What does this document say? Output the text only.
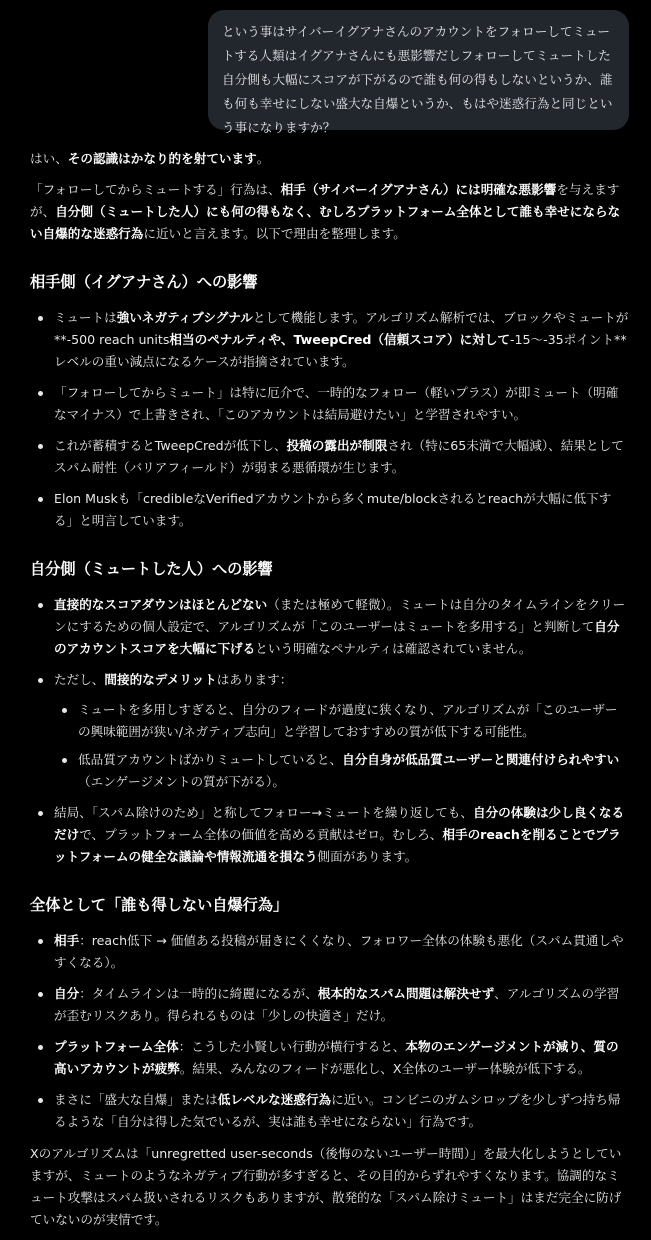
という事はサイバーイグアナさんのアカウントをフォローしてミュートする人類はイグアナさんにも悪影響だしフォローしてミュートした自分側も大幅にスコアが下がるので誰も何の得もしないというか、誰も何も幸せにしない盛大な自爆というか、もはや迷惑行為と同じという事になりますか？

はい、その認識はかなり的を射ています。

「フォローしてからミュートする」行為は、相手（サイバーイグアナさん）には明確な悪影響を与えますが、自分側（ミュートした人）にも何の得もなく、むしろプラットフォーム全体として誰も幸せにならない自爆的な迷惑行為に近いと言えます。以下で理由を整理します。

相手側（イグアナさん）への影響
ミュートは強いネガティブシグナルとして機能します。アルゴリズム解析では、ブロックやミュートが**-500 reach units相当のペナルティや、TweepCred（信頼スコア）に対して-15〜-35ポイント**レベルの重い減点になるケースが指摘されています。
「フォローしてからミュート」は特に厄介で、一時的なフォロー（軽いプラス）が即ミュート（明確なマイナス）で上書きされ、「このアカウントは結局避けたい」と学習されやすい。
これが蓄積するとTweepCredが低下し、投稿の露出が制限され（特に65未満で大幅減）、結果としてスパム耐性（バリアフィールド）が弱まる悪循環が生じます。
Elon Muskも「credibleなVerifiedアカウントから多くmute/blockされるとreachが大幅に低下する」と明言しています。
自分側（ミュートした人）への影響
直接的なスコアダウンはほとんどない（または極めて軽微）。ミュートは自分のタイムラインをクリーンにするための個人設定で、アルゴリズムが「このユーザーはミュートを多用する」と判断して自分のアカウントスコアを大幅に下げるという明確なペナルティは確認されていません。
ただし、間接的なデメリットはあります：
ミュートを多用しすぎると、自分のフィードが過度に狭くなり、アルゴリズムが「このユーザーの興味範囲が狭い/ネガティブ志向」と学習しておすすめの質が低下する可能性。
低品質アカウントばかりミュートしていると、自分自身が低品質ユーザーと関連付けられやすい（エンゲージメントの質が下がる）。
結局、「スパム除けのため」と称してフォロー→ミュートを繰り返しても、自分の体験は少し良くなるだけで、プラットフォーム全体の価値を高める貢献はゼロ。むしろ、相手のreachを削ることでプラットフォームの健全な議論や情報流通を損なう側面があります。
全体として「誰も得しない自爆行為」
相手：reach低下 → 価値ある投稿が届きにくくなり、フォロワー全体の体験も悪化（スパム貫通しやすくなる）。
自分：タイムラインは一時的に綺麗になるが、根本的なスパム問題は解決せず、アルゴリズムの学習が歪むリスクあり。得られるものは「少しの快適さ」だけ。
プラットフォーム全体：こうした小賢しい行動が横行すると、本物のエンゲージメントが減り、質の高いアカウントが疲弊。結果、みんなのフィードが悪化し、X全体のユーザー体験が低下する。
まさに「盛大な自爆」または低レベルな迷惑行為に近い。コンビニのガムシロップを少しずつ持ち帰るような「自分は得した気でいるが、実は誰も幸せにならない」行為です。

Xのアルゴリズムは「unregretted user-seconds（後悔のないユーザー時間）」を最大化しようとしていますが、ミュートのようなネガティブ行動が多すぎると、その目的からずれやすくなります。協調的なミュート攻撃はスパム扱いされるリスクもありますが、散発的な「スパム除けミュート」はまだ完全に防げていないのが実情です。
